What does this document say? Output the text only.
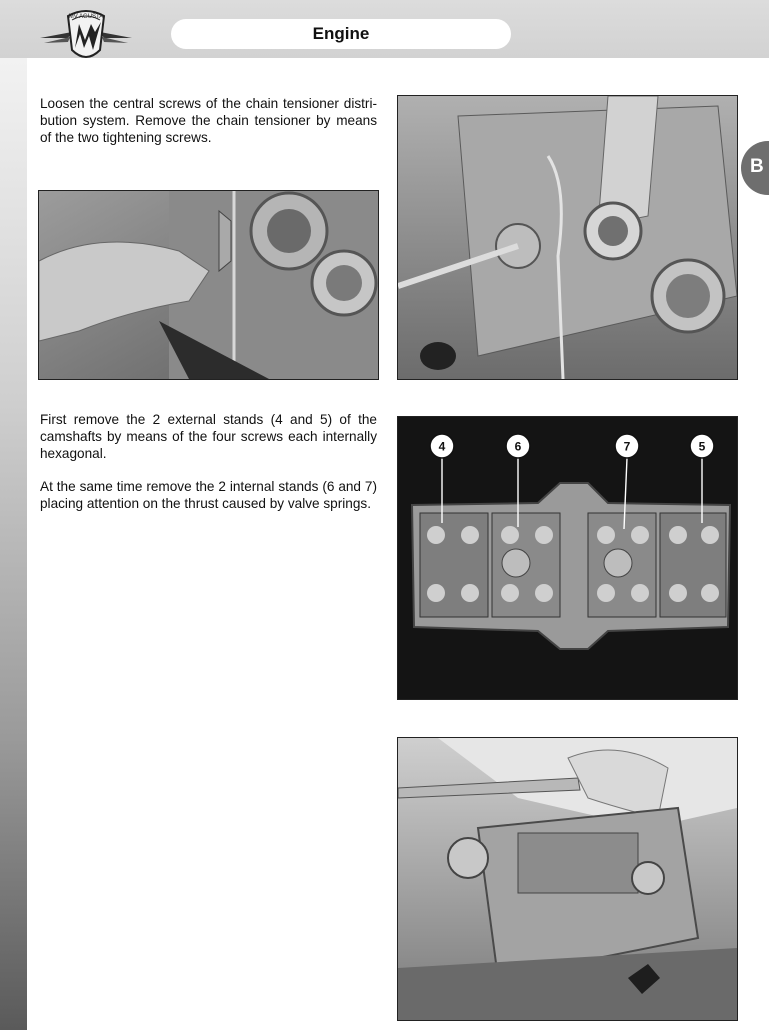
MV AGUSTA
Engine
B

Loosen the central screws of the chain tensioner distri-bution system. Remove the chain tensioner by means of the two tightening screws.

First remove the 2 external stands (4 and 5) of the camshafts by means of the four screws each internally hexagonal.

At the same time remove the 2 internal stands (6 and 7) placing attention on the thrust caused by valve springs.

4	6	7	5
